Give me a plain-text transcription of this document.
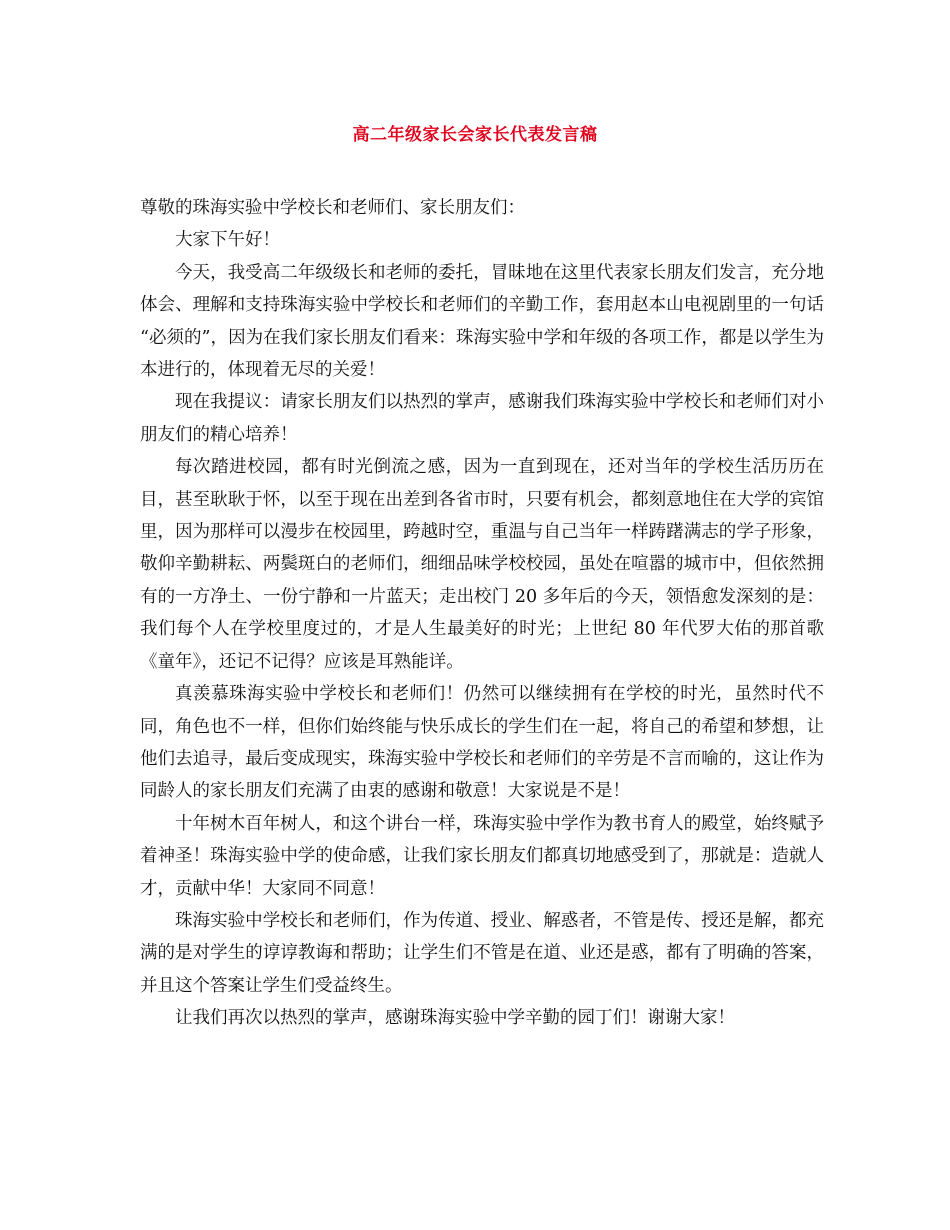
高二年级家长会家长代表发言稿

尊敬的珠海实验中学校长和老师们、家长朋友们：

大家下午好！

今天，我受高二年级级长和老师的委托，冒昧地在这里代表家长朋友们发言，充分地体会、理解和支持珠海实验中学校长和老师们的辛勤工作，套用赵本山电视剧里的一句话 “必须的”，因为在我们家长朋友们看来：珠海实验中学和年级的各项工作，都是以学生为本进行的，体现着无尽的关爱！

现在我提议：请家长朋友们以热烈的掌声，感谢我们珠海实验中学校长和老师们对小朋友们的精心培养！

每次踏进校园，都有时光倒流之感，因为一直到现在，还对当年的学校生活历历在目，甚至耿耿于怀，以至于现在出差到各省市时，只要有机会，都刻意地住在大学的宾馆里，因为那样可以漫步在校园里，跨越时空，重温与自己当年一样踌躇满志的学子形象，敬仰辛勤耕耘、两鬓斑白的老师们，细细品味学校校园，虽处在喧嚣的城市中，但依然拥有的一方净土、一份宁静和一片蓝天；走出校门 20 多年后的今天，领悟愈发深刻的是：我们每个人在学校里度过的，才是人生最美好的时光；上世纪 80 年代罗大佑的那首歌《童年》，还记不记得？应该是耳熟能详。

真羡慕珠海实验中学校长和老师们！仍然可以继续拥有在学校的时光，虽然时代不同，角色也不一样，但你们始终能与快乐成长的学生们在一起，将自己的希望和梦想，让他们去追寻，最后变成现实，珠海实验中学校长和老师们的辛劳是不言而喻的，这让作为同龄人的家长朋友们充满了由衷的感谢和敬意！大家说是不是！

十年树木百年树人，和这个讲台一样，珠海实验中学作为教书育人的殿堂，始终赋予着神圣！珠海实验中学的使命感，让我们家长朋友们都真切地感受到了，那就是：造就人才，贡献中华！大家同不同意！

珠海实验中学校长和老师们，作为传道、授业、解惑者，不管是传、授还是解，都充满的是对学生的谆谆教诲和帮助；让学生们不管是在道、业还是惑，都有了明确的答案，并且这个答案让学生们受益终生。

让我们再次以热烈的掌声，感谢珠海实验中学辛勤的园丁们！谢谢大家！
